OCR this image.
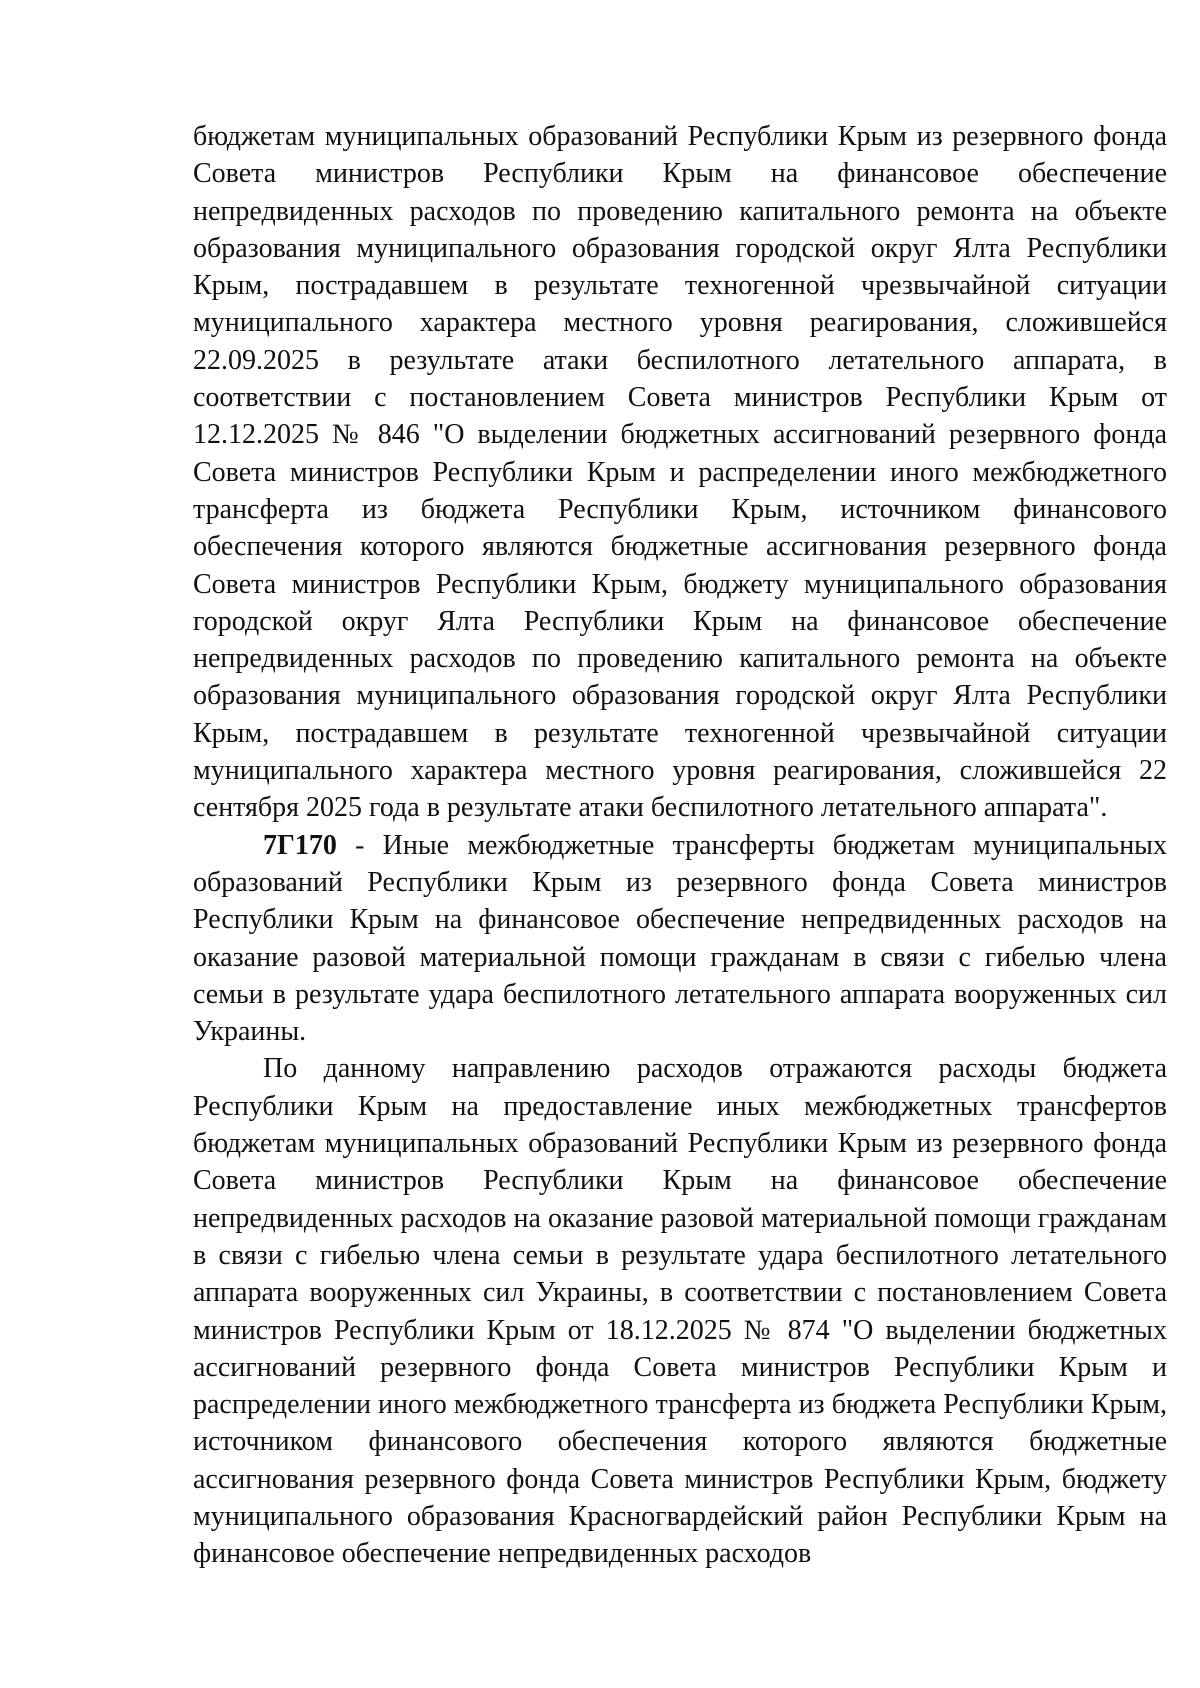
бюджетам муниципальных образований Республики Крым из резервного фонда Совета министров Республики Крым на финансовое обеспечение непредвиденных расходов по проведению капитального ремонта на объекте образования муниципального образования городской округ Ялта Республики Крым, пострадавшем в результате техногенной чрезвычайной ситуации муниципального характера местного уровня реагирования, сложившейся 22.09.2025 в результате атаки беспилотного летательного аппарата, в соответствии с постановлением Совета министров Республики Крым от 12.12.2025 № 846 "О выделении бюджетных ассигнований резервного фонда Совета министров Республики Крым и распределении иного межбюджетного трансферта из бюджета Республики Крым, источником финансового обеспечения которого являются бюджетные ассигнования резервного фонда Совета министров Республики Крым, бюджету муниципального образования городской округ Ялта Республики Крым на финансовое обеспечение непредвиденных расходов по проведению капитального ремонта на объекте образования муниципального образования городской округ Ялта Республики Крым, пострадавшем в результате техногенной чрезвычайной ситуации муниципального характера местного уровня реагирования, сложившейся 22 сентября 2025 года в результате атаки беспилотного летательного аппарата".

7Г170 - Иные межбюджетные трансферты бюджетам муниципальных образований Республики Крым из резервного фонда Совета министров Республики Крым на финансовое обеспечение непредвиденных расходов на оказание разовой материальной помощи гражданам в связи с гибелью члена семьи в результате удара беспилотного летательного аппарата вооруженных сил Украины.

По данному направлению расходов отражаются расходы бюджета Республики Крым на предоставление иных межбюджетных трансфертов бюджетам муниципальных образований Республики Крым из резервного фонда Совета министров Республики Крым на финансовое обеспечение непредвиденных расходов на оказание разовой материальной помощи гражданам в связи с гибелью члена семьи в результате удара беспилотного летательного аппарата вооруженных сил Украины, в соответствии с постановлением Совета министров Республики Крым от 18.12.2025 № 874 "О выделении бюджетных ассигнований резервного фонда Совета министров Республики Крым и распределении иного межбюджетного трансферта из бюджета Республики Крым, источником финансового обеспечения которого являются бюджетные ассигнования резервного фонда Совета министров Республики Крым, бюджету муниципального образования Красногвардейский район Республики Крым на финансовое обеспечение непредвиденных расходов
